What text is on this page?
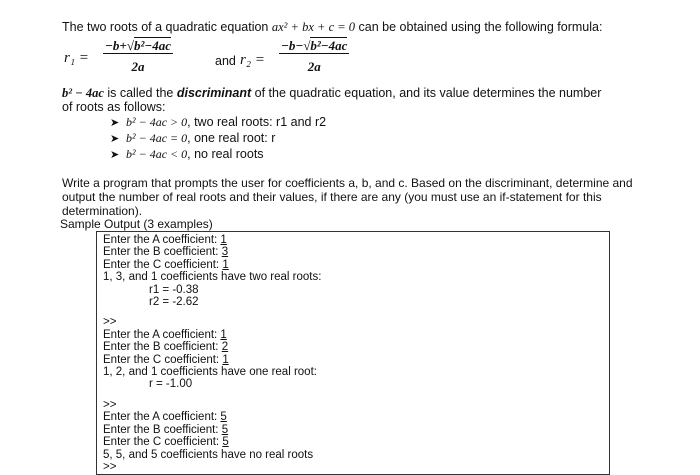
The two roots of a quadratic equation ax² + bx + c = 0 can be obtained using the following formula:
$r_1 = \frac{\text{−b+√b²−4ac}}{2a}$	and $r_2 = \frac{\text{−b−√b²−4ac}}{2a}$
b² − 4ac is called the discriminant of the quadratic equation, and its value determines the number
of roots as follows:
➤ b² − 4ac > 0, two real roots: r1 and r2
➤ b² − 4ac = 0, one real root: r
➤ b² − 4ac < 0, no real roots
Write a program that prompts the user for coefficients a, b, and c. Based on the discriminant, determine and
output the number of real roots and their values, if there are any (you must use an if-statement for this
determination).
Sample Output (3 examples)
Enter the A coefficient: 1
Enter the B coefficient: 3
Enter the C coefficient: 1
1, 3, and 1 coefficients have two real roots:
r1 = -0.38
r2 = -2.62
>>
Enter the A coefficient: 1
Enter the B coefficient: 2
Enter the C coefficient: 1
1, 2, and 1 coefficients have one real root:
r = -1.00
>>
Enter the A coefficient: 5
Enter the B coefficient: 5
Enter the C coefficient: 5
5, 5, and 5 coefficients have no real roots
>>
